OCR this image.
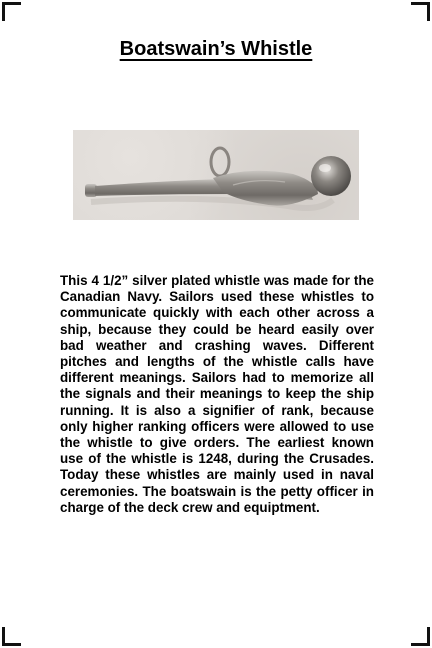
Boatswain’s Whistle

This 4 1/2” silver plated whistle was made for the Canadian Navy. Sailors used these whistles to communicate quickly with each other across a ship, because they could be heard easily over bad weather and crashing waves. Different pitches and lengths of the whistle calls have different meanings. Sailors had to memorize all the signals and their meanings to keep the ship running. It is also a signifier of rank, because only higher ranking officers were allowed to use the whistle to give orders. The earliest known use of the whistle is 1248, during the Crusades. Today these whistles are mainly used in naval ceremonies. The boatswain is the petty officer in charge of the deck crew and equiptment.
